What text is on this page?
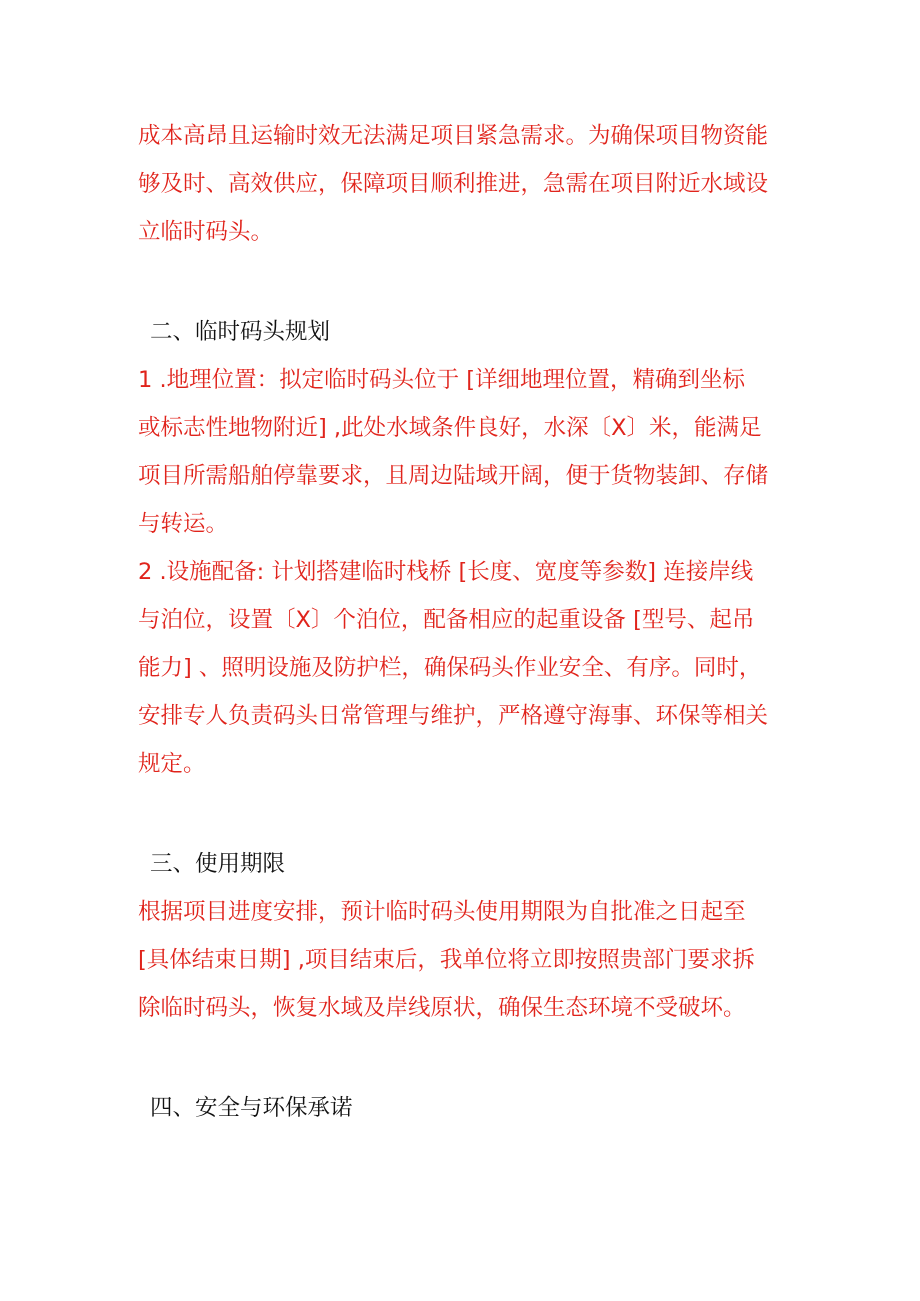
成本高昂且运输时效无法满足项目紧急需求。为确保项目物资能
够及时、高效供应，保障项目顺利推进，急需在项目附近水域设
立临时码头。
二、临时码头规划
1 .地理位置：拟定临时码头位于 [详细地理位置，精确到坐标
或标志性地物附近] ,此处水域条件良好，水深〔X〕米，能满足
项目所需船舶停靠要求，且周边陆域开阔，便于货物装卸、存储
与转运。
2 .设施配备: 计划搭建临时栈桥 [长度、宽度等参数] 连接岸线
与泊位，设置〔X〕个泊位，配备相应的起重设备 [型号、起吊
能力] 、照明设施及防护栏，确保码头作业安全、有序。同时，
安排专人负责码头日常管理与维护，严格遵守海事、环保等相关
规定。
三、使用期限
根据项目进度安排，预计临时码头使用期限为自批准之日起至
[具体结束日期] ,项目结束后，我单位将立即按照贵部门要求拆
除临时码头，恢复水域及岸线原状，确保生态环境不受破坏。
四、安全与环保承诺
